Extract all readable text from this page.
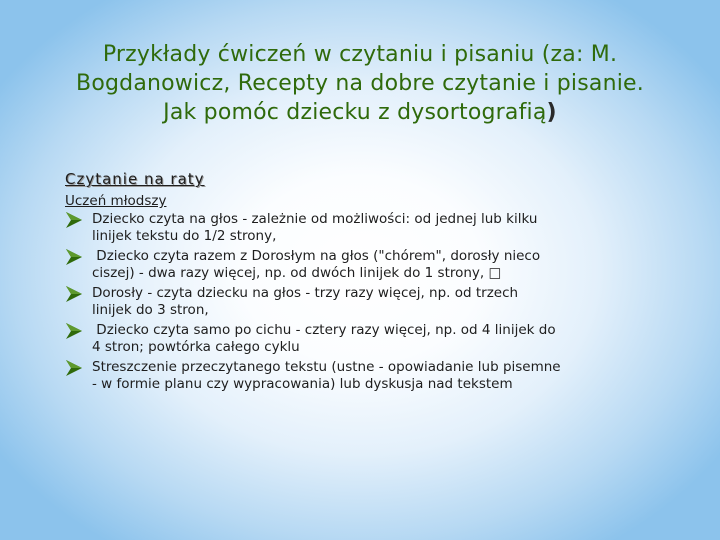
Przykłady ćwiczeń w czytaniu i pisaniu (za: M.
Bogdanowicz, Recepty na dobre czytanie i pisanie.
Jak pomóc dziecku z dysortografią)
Czytanie na raty
Uczeń młodszy
Dziecko czyta na głos - zależnie od możliwości: od jednej lub kilku
linijek tekstu do 1/2 strony,
Dziecko czyta razem z Dorosłym na głos ("chórem", dorosły nieco
ciszej) - dwa razy więcej, np. od dwóch linijek do 1 strony, □
Dorosły - czyta dziecku na głos - trzy razy więcej, np. od trzech
linijek do 3 stron,
Dziecko czyta samo po cichu - cztery razy więcej, np. od 4 linijek do
4 stron; powtórka całego cyklu
Streszczenie przeczytanego tekstu (ustne - opowiadanie lub pisemne
- w formie planu czy wypracowania) lub dyskusja nad tekstem
